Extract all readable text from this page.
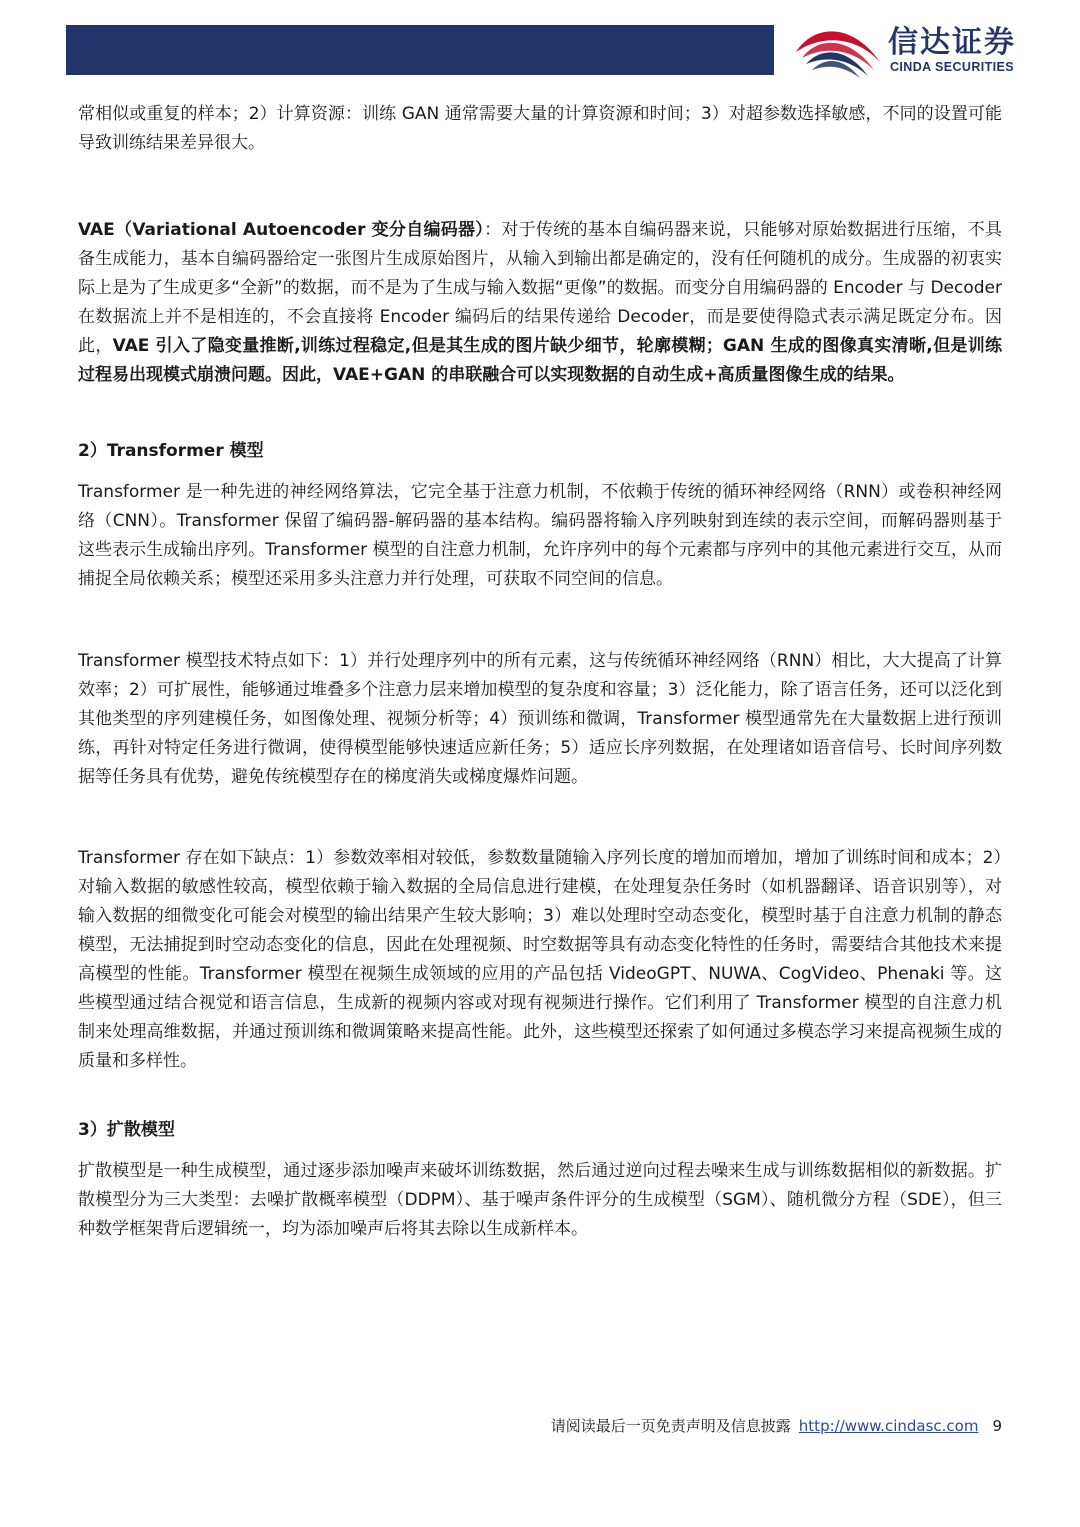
信达证券
CINDA SECURITIES

常相似或重复的样本；2）计算资源：训练 GAN 通常需要大量的计算资源和时间；3）对超参数选择敏感，不同的设置可能导致训练结果差异很大。

VAE（Variational Autoencoder 变分自编码器）：对于传统的基本自编码器来说，只能够对原始数据进行压缩，不具备生成能力，基本自编码器给定一张图片生成原始图片，从输入到输出都是确定的，没有任何随机的成分。生成器的初衷实际上是为了生成更多“全新”的数据，而不是为了生成与输入数据“更像”的数据。而变分自用编码器的 Encoder 与 Decoder 在数据流上并不是相连的，不会直接将 Encoder 编码后的结果传递给 Decoder，而是要使得隐式表示满足既定分布。因此，VAE 引入了隐变量推断,训练过程稳定,但是其生成的图片缺少细节，轮廓模糊；GAN 生成的图像真实清晰,但是训练过程易出现模式崩溃问题。因此，VAE+GAN 的串联融合可以实现数据的自动生成+高质量图像生成的结果。

2）Transformer 模型

Transformer 是一种先进的神经网络算法，它完全基于注意力机制，不依赖于传统的循环神经网络（RNN）或卷积神经网络（CNN）。Transformer 保留了编码器-解码器的基本结构。编码器将输入序列映射到连续的表示空间，而解码器则基于这些表示生成输出序列。Transformer 模型的自注意力机制，允许序列中的每个元素都与序列中的其他元素进行交互，从而捕捉全局依赖关系；模型还采用多头注意力并行处理，可获取不同空间的信息。

Transformer 模型技术特点如下：1）并行处理序列中的所有元素，这与传统循环神经网络（RNN）相比，大大提高了计算效率；2）可扩展性，能够通过堆叠多个注意力层来增加模型的复杂度和容量；3）泛化能力，除了语言任务，还可以泛化到其他类型的序列建模任务，如图像处理、视频分析等；4）预训练和微调，Transformer 模型通常先在大量数据上进行预训练，再针对特定任务进行微调，使得模型能够快速适应新任务；5）适应长序列数据，在处理诸如语音信号、长时间序列数据等任务具有优势，避免传统模型存在的梯度消失或梯度爆炸问题。

Transformer 存在如下缺点：1）参数效率相对较低，参数数量随输入序列长度的增加而增加，增加了训练时间和成本；2）对输入数据的敏感性较高，模型依赖于输入数据的全局信息进行建模，在处理复杂任务时（如机器翻译、语音识别等），对输入数据的细微变化可能会对模型的输出结果产生较大影响；3）难以处理时空动态变化，模型时基于自注意力机制的静态模型，无法捕捉到时空动态变化的信息，因此在处理视频、时空数据等具有动态变化特性的任务时，需要结合其他技术来提高模型的性能。Transformer 模型在视频生成领域的应用的产品包括 VideoGPT、NUWA、CogVideo、Phenaki 等。这些模型通过结合视觉和语言信息，生成新的视频内容或对现有视频进行操作。它们利用了 Transformer 模型的自注意力机制来处理高维数据，并通过预训练和微调策略来提高性能。此外，这些模型还探索了如何通过多模态学习来提高视频生成的质量和多样性。

3）扩散模型

扩散模型是一种生成模型，通过逐步添加噪声来破坏训练数据，然后通过逆向过程去噪来生成与训练数据相似的新数据。扩散模型分为三大类型：去噪扩散概率模型（DDPM）、基于噪声条件评分的生成模型（SGM）、随机微分方程（SDE），但三种数学框架背后逻辑统一，均为添加噪声后将其去除以生成新样本。

请阅读最后一页免责声明及信息披露 http://www.cindasc.com 9
